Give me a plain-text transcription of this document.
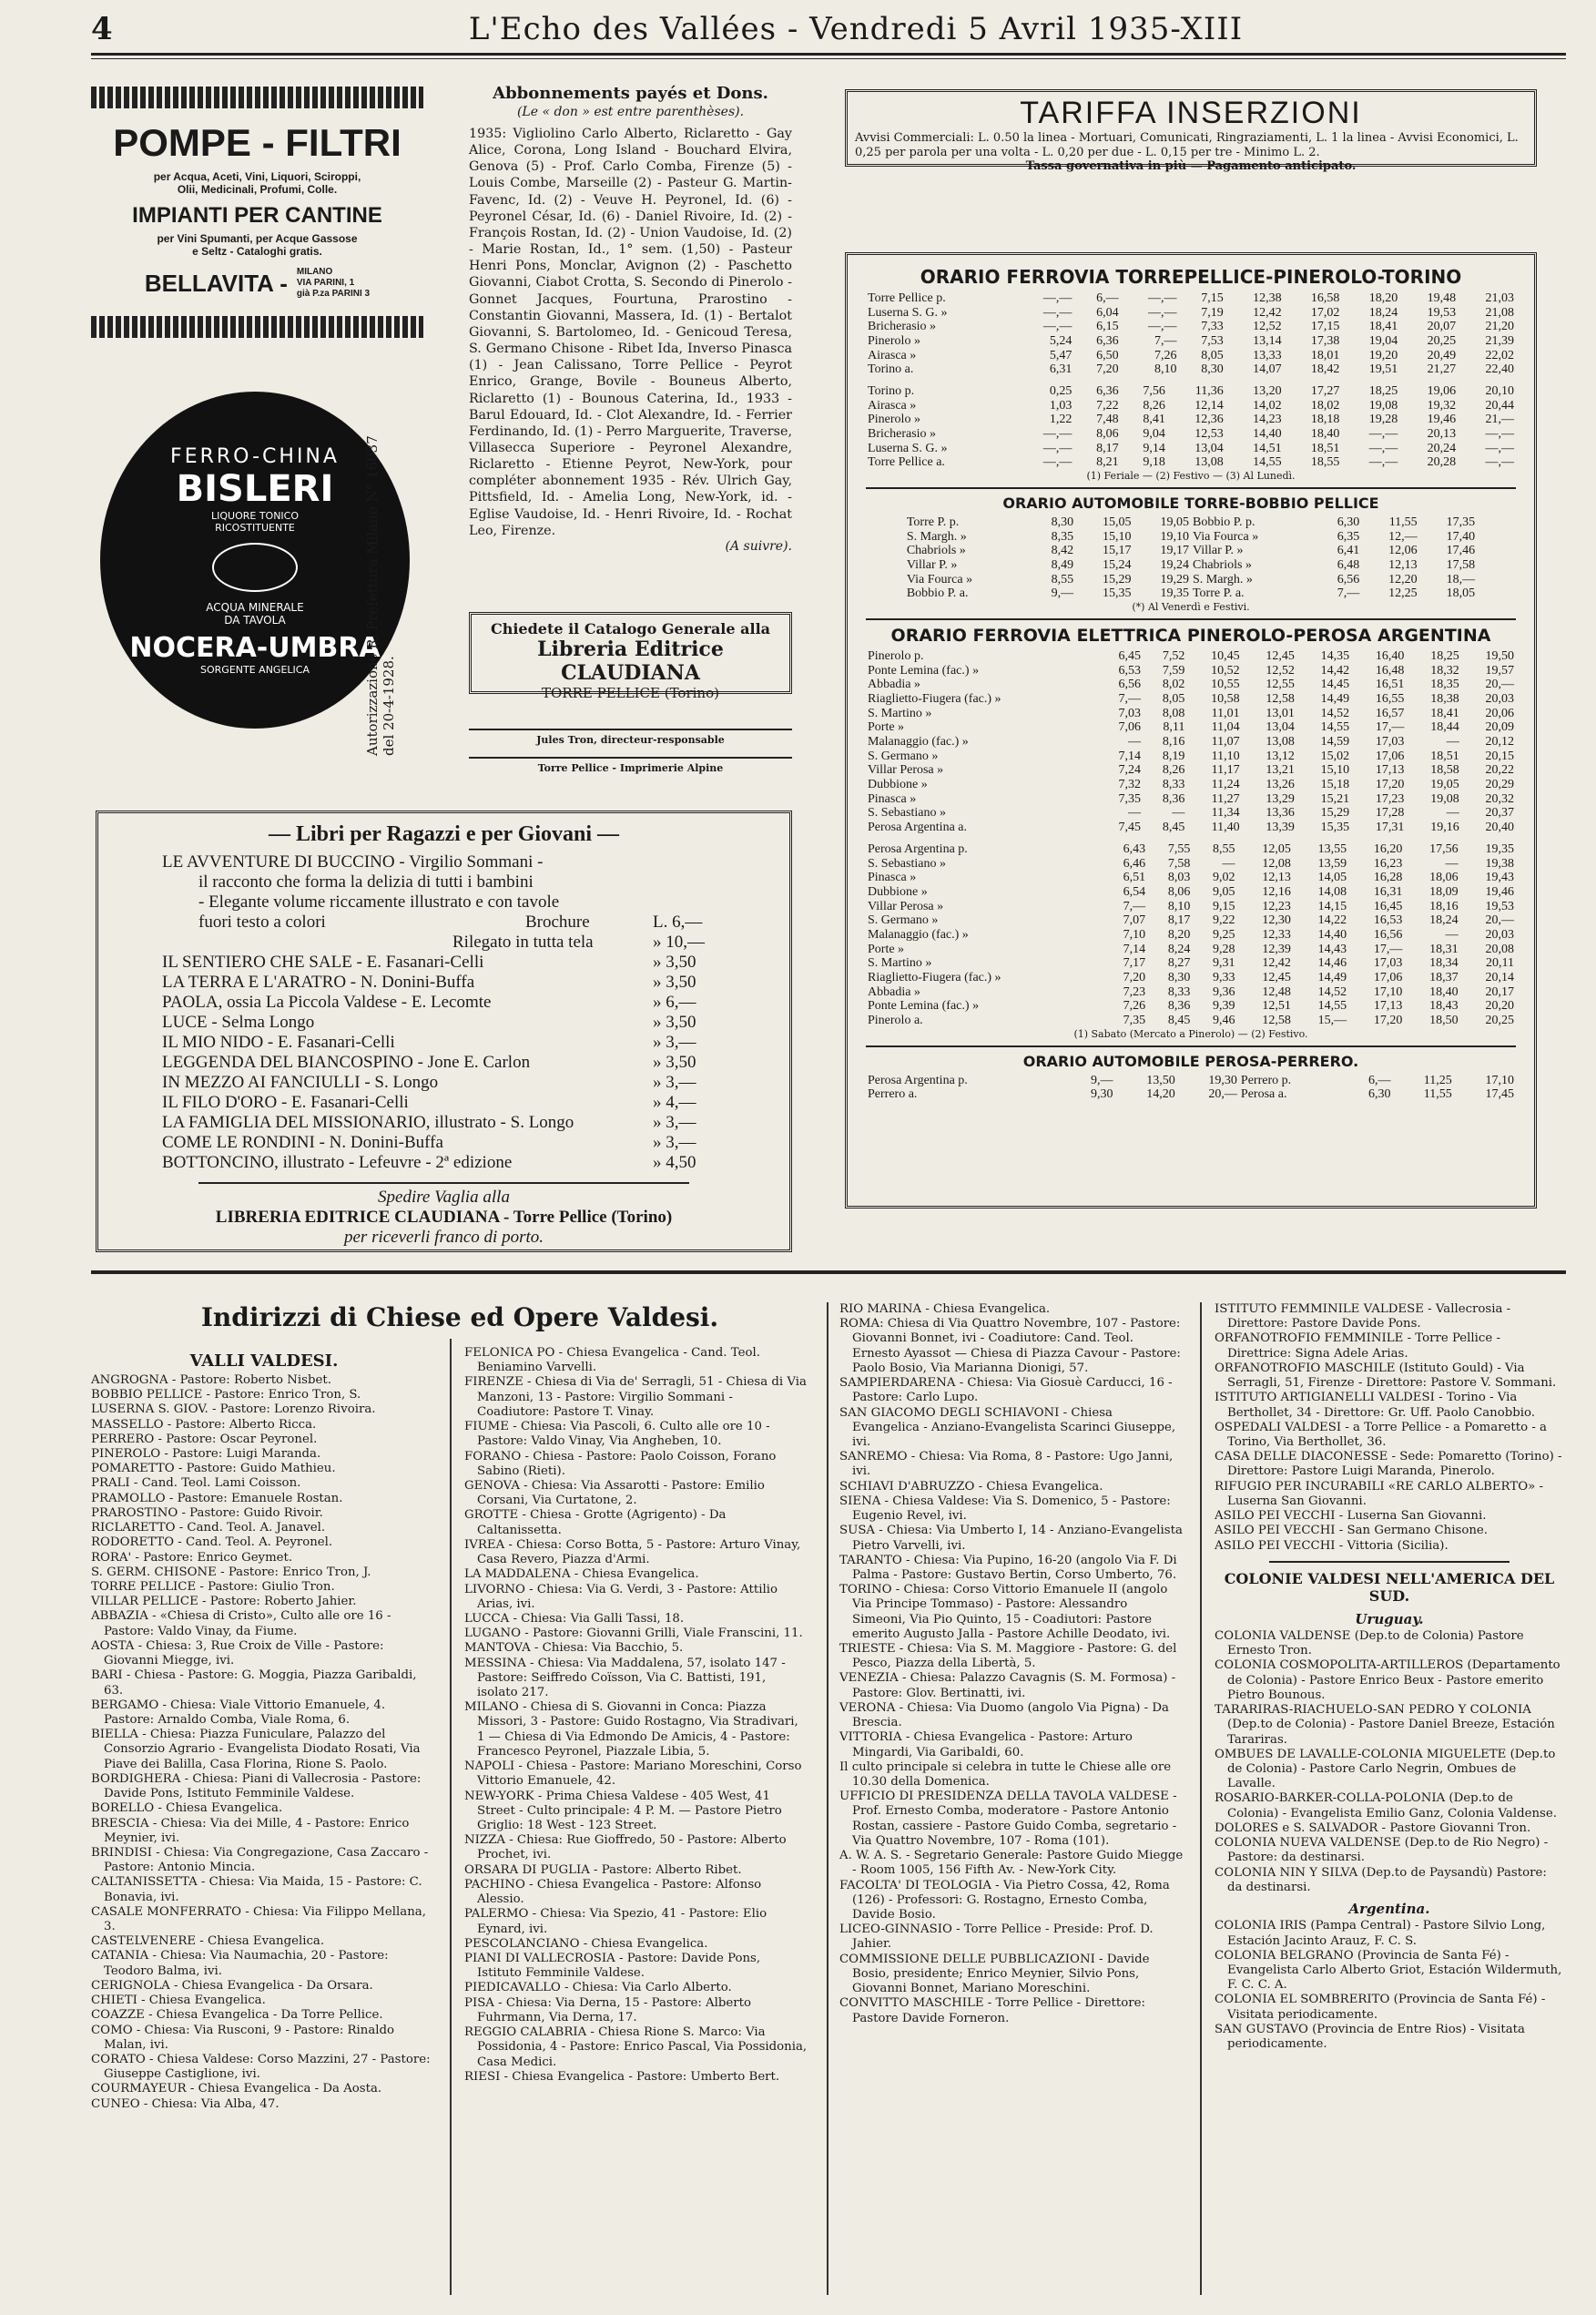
4	L'Echo des Vallées - Vendredi 5 Avril 1935-XIII
POMPE - FILTRI
per Acqua, Aceti, Vini, Liquori, Sciroppi,
Olii, Medicinali, Profumi, Colle.
IMPIANTI PER CANTINE
per Vini Spumanti, per Acque Gassose
e Seltz - Cataloghi gratis.
BELLAVITA - MILANO
VIA PARINI, 1
già P.za PARINI 3
FERRO-CHINA
BISLERI
LIQUORE TONICO
RICOSTITUENTE
ACQUA MINERALE
DA TAVOLA
NOCERA-UMBRA
SORGENTE ANGELICA	Autorizzazione R. Prefettura Milano N° 16037 del 20-4-1928.
Abbonnements payés et Dons.
(Le « don » est entre parenthèses).
1935: Vigliolino Carlo Alberto, Riclaretto - Gay Alice, Corona, Long Island - Bouchard Elvira, Genova (5) - Prof. Carlo Comba, Firenze (5) - Louis Combe, Marseille (2) - Pasteur G. Martin-Favenc, Id. (2) - Veuve H. Peyronel, Id. (6) - Peyronel César, Id. (6) - Daniel Rivoire, Id. (2) - François Rostan, Id. (2) - Union Vaudoise, Id. (2) - Marie Rostan, Id., 1° sem. (1,50) - Pasteur Henri Pons, Monclar, Avignon (2) - Paschetto Giovanni, Ciabot Crotta, S. Secondo di Pinerolo - Gonnet Jacques, Fourtuna, Prarostino - Constantin Giovanni, Massera, Id. (1) - Bertalot Giovanni, S. Bartolomeo, Id. - Genicoud Teresa, S. Germano Chisone - Ribet Ida, Inverso Pinasca (1) - Jean Calissano, Torre Pellice - Peyrot Enrico, Grange, Bovile - Bouneus Alberto, Riclaretto (1) - Bounous Caterina, Id., 1933 - Barul Edouard, Id. - Clot Alexandre, Id. - Ferrier Ferdinando, Id. (1) - Perro Marguerite, Traverse, Villasecca Superiore - Peyronel Alexandre, Riclaretto - Etienne Peyrot, New-York, pour compléter abonnement 1935 - Rév. Ulrich Gay, Pittsfield, Id. - Amelia Long, New-York, id. - Eglise Vaudoise, Id. - Henri Rivoire, Id. - Rochat Leo, Firenze.
(A suivre).
Chiedete il Catalogo Generale alla
Libreria Editrice CLAUDIANA
TORRE PELLICE (Torino)
Jules Tron, directeur-responsable
Torre Pellice - Imprimerie Alpine
TARIFFA INSERZIONI
Avvisi Commerciali: L. 0.50 la linea - Mortuari, Comunicati, Ringraziamenti, L. 1 la linea - Avvisi Economici, L. 0,25 per parola per una volta - L. 0,20 per due - L. 0,15 per tre - Minimo L. 2.
Tassa governativa in più — Pagamento anticipato.
ORARIO FERROVIA TORREPELLICE-PINEROLO-TORINO
Torre Pellice p.	—,—	6,—	—,—	7,15	12,38	16,58	18,20	19,48	21,03
Luserna S. G. »	—,—	6,04	—,—	7,19	12,42	17,02	18,24	19,53	21,08
Bricherasio »	—,—	6,15	—,—	7,33	12,52	17,15	18,41	20,07	21,20
Pinerolo »	5,24	6,36	7,—	7,53	13,14	17,38	19,04	20,25	21,39
Airasca »	5,47	6,50	7,26	8,05	13,33	18,01	19,20	20,49	22,02
Torino a.	6,31	7,20	8,10	8,30	14,07	18,42	19,51	21,27	22,40
Torino p.	0,25	6,36	7,56	11,36	13,20	17,27	18,25	19,06	20,10
Airasca »	1,03	7,22	8,26	12,14	14,02	18,02	19,08	19,32	20,44
Pinerolo »	1,22	7,48	8,41	12,36	14,23	18,18	19,28	19,46	21,—
Bricherasio »	—,—	8,06	9,04	12,53	14,40	18,40	—,—	20,13	—,—
Luserna S. G. »	—,—	8,17	9,14	13,04	14,51	18,51	—,—	20,24	—,—
Torre Pellice a.	—,—	8,21	9,18	13,08	14,55	18,55	—,—	20,28	—,—
(1) Feriale — (2) Festivo — (3) Al Lunedì.
ORARIO AUTOMOBILE TORRE-BOBBIO PELLICE
Torre P. p.	8,30	15,05	19,05	Bobbio P. p.	6,30	11,55	17,35
S. Margh. »	8,35	15,10	19,10	Via Fourca »	6,35	12,—	17,40
Chabriols »	8,42	15,17	19,17	Villar P. »	6,41	12,06	17,46
Villar P. »	8,49	15,24	19,24	Chabriols »	6,48	12,13	17,58
Via Fourca »	8,55	15,29	19,29	S. Margh. »	6,56	12,20	18,—
Bobbio P. a.	9,—	15,35	19,35	Torre P. a.	7,—	12,25	18,05
(*) Al Venerdì e Festivi.
ORARIO FERROVIA ELETTRICA PINEROLO-PEROSA ARGENTINA
Pinerolo p.	6,45	7,52	10,45	12,45	14,35	16,40	18,25	19,50
Ponte Lemina (fac.) »	6,53	7,59	10,52	12,52	14,42	16,48	18,32	19,57
Abbadia »	6,56	8,02	10,55	12,55	14,45	16,51	18,35	20,—
Riaglietto-Fiugera (fac.) »	7,—	8,05	10,58	12,58	14,49	16,55	18,38	20,03
S. Martino »	7,03	8,08	11,01	13,01	14,52	16,57	18,41	20,06
Porte »	7,06	8,11	11,04	13,04	14,55	17,—	18,44	20,09
Malanaggio (fac.) »	—	8,16	11,07	13,08	14,59	17,03	—	20,12
S. Germano »	7,14	8,19	11,10	13,12	15,02	17,06	18,51	20,15
Villar Perosa »	7,24	8,26	11,17	13,21	15,10	17,13	18,58	20,22
Dubbione »	7,32	8,33	11,24	13,26	15,18	17,20	19,05	20,29
Pinasca »	7,35	8,36	11,27	13,29	15,21	17,23	19,08	20,32
S. Sebastiano »	—	—	11,34	13,36	15,29	17,28	—	20,37
Perosa Argentina a.	7,45	8,45	11,40	13,39	15,35	17,31	19,16	20,40
Perosa Argentina p.	6,43	7,55	8,55	12,05	13,55	16,20	17,56	19,35
S. Sebastiano »	6,46	7,58	—	12,08	13,59	16,23	—	19,38
Pinasca »	6,51	8,03	9,02	12,13	14,05	16,28	18,06	19,43
Dubbione »	6,54	8,06	9,05	12,16	14,08	16,31	18,09	19,46
Villar Perosa »	7,—	8,10	9,15	12,23	14,15	16,45	18,16	19,53
S. Germano »	7,07	8,17	9,22	12,30	14,22	16,53	18,24	20,—
Malanaggio (fac.) »	7,10	8,20	9,25	12,33	14,40	16,56	—	20,03
Porte »	7,14	8,24	9,28	12,39	14,43	17,—	18,31	20,08
S. Martino »	7,17	8,27	9,31	12,42	14,46	17,03	18,34	20,11
Riaglietto-Fiugera (fac.) »	7,20	8,30	9,33	12,45	14,49	17,06	18,37	20,14
Abbadia »	7,23	8,33	9,36	12,48	14,52	17,10	18,40	20,17
Ponte Lemina (fac.) »	7,26	8,36	9,39	12,51	14,55	17,13	18,43	20,20
Pinerolo a.	7,35	8,45	9,46	12,58	15,—	17,20	18,50	20,25
(1) Sabato (Mercato a Pinerolo) — (2) Festivo.
ORARIO AUTOMOBILE PEROSA-PERRERO.
Perosa Argentina p.	9,—	13,50	19,30	Perrero p.	6,—	11,25	17,10
Perrero a.	9,30	14,20	20,—	Perosa a.	6,30	11,55	17,45
— Libri per Ragazzi e per Giovani —
LE AVVENTURE DI BUCCINO - Virgilio Sommani -
il racconto che forma la delizia di tutti i bambini
- Elegante volume riccamente illustrato e con tavole
fuori testo a colori	Brochure	L. 6,—
Rilegato in tutta tela	» 10,—
IL SENTIERO CHE SALE - E. Fasanari-Celli	» 3,50
LA TERRA E L'ARATRO - N. Donini-Buffa	» 3,50
PAOLA, ossia La Piccola Valdese - E. Lecomte	» 6,—
LUCE - Selma Longo	» 3,50
IL MIO NIDO - E. Fasanari-Celli	» 3,—
LEGGENDA DEL BIANCOSPINO - Jone E. Carlon	» 3,50
IN MEZZO AI FANCIULLI - S. Longo	» 3,—
IL FILO D'ORO - E. Fasanari-Celli	» 4,—
LA FAMIGLIA DEL MISSIONARIO, illustrato - S. Longo	» 3,—
COME LE RONDINI - N. Donini-Buffa	» 3,—
BOTTONCINO, illustrato - Lefeuvre - 2ª edizione	» 4,50
Spedire Vaglia alla
LIBRERIA EDITRICE CLAUDIANA - Torre Pellice (Torino)
per riceverli franco di porto.
Indirizzi di Chiese ed Opere Valdesi.
VALLI VALDESI.

ANGROGNA - Pastore: Roberto Nisbet.

BOBBIO PELLICE - Pastore: Enrico Tron, S.

LUSERNA S. GIOV. - Pastore: Lorenzo Rivoira.

MASSELLO - Pastore: Alberto Ricca.

PERRERO - Pastore: Oscar Peyronel.

PINEROLO - Pastore: Luigi Maranda.

POMARETTO - Pastore: Guido Mathieu.

PRALI - Cand. Teol. Lami Coisson.

PRAMOLLO - Pastore: Emanuele Rostan.

PRAROSTINO - Pastore: Guido Rivoir.

RICLARETTO - Cand. Teol. A. Janavel.

RODORETTO - Cand. Teol. A. Peyronel.

RORA' - Pastore: Enrico Geymet.

S. GERM. CHISONE - Pastore: Enrico Tron, J.

TORRE PELLICE - Pastore: Giulio Tron.

VILLAR PELLICE - Pastore: Roberto Jahier.

ABBAZIA - «Chiesa di Cristo», Culto alle ore 16 - Pastore: Valdo Vinay, da Fiume.

AOSTA - Chiesa: 3, Rue Croix de Ville - Pastore: Giovanni Miegge, ivi.

BARI - Chiesa - Pastore: G. Moggia, Piazza Garibaldi, 63.

BERGAMO - Chiesa: Viale Vittorio Emanuele, 4. Pastore: Arnaldo Comba, Viale Roma, 6.

BIELLA - Chiesa: Piazza Funiculare, Palazzo del Consorzio Agrario - Evangelista Diodato Rosati, Via Piave dei Balilla, Casa Florina, Rione S. Paolo.

BORDIGHERA - Chiesa: Piani di Vallecrosia - Pastore: Davide Pons, Istituto Femminile Valdese.

BORELLO - Chiesa Evangelica.

BRESCIA - Chiesa: Via dei Mille, 4 - Pastore: Enrico Meynier, ivi.

BRINDISI - Chiesa: Via Congregazione, Casa Zaccaro - Pastore: Antonio Mincia.

CALTANISSETTA - Chiesa: Via Maida, 15 - Pastore: C. Bonavia, ivi.

CASALE MONFERRATO - Chiesa: Via Filippo Mellana, 3.

CASTELVENERE - Chiesa Evangelica.

CATANIA - Chiesa: Via Naumachia, 20 - Pastore: Teodoro Balma, ivi.

CERIGNOLA - Chiesa Evangelica - Da Orsara.

CHIETI - Chiesa Evangelica.

COAZZE - Chiesa Evangelica - Da Torre Pellice.

COMO - Chiesa: Via Rusconi, 9 - Pastore: Rinaldo Malan, ivi.

CORATO - Chiesa Valdese: Corso Mazzini, 27 - Pastore: Giuseppe Castiglione, ivi.

COURMAYEUR - Chiesa Evangelica - Da Aosta.

CUNEO - Chiesa: Via Alba, 47.

FELONICA PO - Chiesa Evangelica - Cand. Teol. Beniamino Varvelli.

FIRENZE - Chiesa di Via de' Serragli, 51 - Chiesa di Via Manzoni, 13 - Pastore: Virgilio Sommani - Coadiutore: Pastore T. Vinay.

FIUME - Chiesa: Via Pascoli, 6. Culto alle ore 10 - Pastore: Valdo Vinay, Via Angheben, 10.

FORANO - Chiesa - Pastore: Paolo Coisson, Forano Sabino (Rieti).

GENOVA - Chiesa: Via Assarotti - Pastore: Emilio Corsani, Via Curtatone, 2.

GROTTE - Chiesa - Grotte (Agrigento) - Da Caltanissetta.

IVREA - Chiesa: Corso Botta, 5 - Pastore: Arturo Vinay, Casa Revero, Piazza d'Armi.

LA MADDALENA - Chiesa Evangelica.

LIVORNO - Chiesa: Via G. Verdi, 3 - Pastore: Attilio Arias, ivi.

LUCCA - Chiesa: Via Galli Tassi, 18.

LUGANO - Pastore: Giovanni Grilli, Viale Franscini, 11.

MANTOVA - Chiesa: Via Bacchio, 5.

MESSINA - Chiesa: Via Maddalena, 57, isolato 147 - Pastore: Seiffredo Coïsson, Via C. Battisti, 191, isolato 217.

MILANO - Chiesa di S. Giovanni in Conca: Piazza Missori, 3 - Pastore: Guido Rostagno, Via Stradivari, 1 — Chiesa di Via Edmondo De Amicis, 4 - Pastore: Francesco Peyronel, Piazzale Libia, 5.

NAPOLI - Chiesa - Pastore: Mariano Moreschini, Corso Vittorio Emanuele, 42.

NEW-YORK - Prima Chiesa Valdese - 405 West, 41 Street - Culto principale: 4 P. M. — Pastore Pietro Griglio: 18 West - 123 Street.

NIZZA - Chiesa: Rue Gioffredo, 50 - Pastore: Alberto Prochet, ivi.

ORSARA DI PUGLIA - Pastore: Alberto Ribet.

PACHINO - Chiesa Evangelica - Pastore: Alfonso Alessio.

PALERMO - Chiesa: Via Spezio, 41 - Pastore: Elio Eynard, ivi.

PESCOLANCIANO - Chiesa Evangelica.

PIANI DI VALLECROSIA - Pastore: Davide Pons, Istituto Femminile Valdese.

PIEDICAVALLO - Chiesa: Via Carlo Alberto.

PISA - Chiesa: Via Derna, 15 - Pastore: Alberto Fuhrmann, Via Derna, 17.

REGGIO CALABRIA - Chiesa Rione S. Marco: Via Possidonia, 4 - Pastore: Enrico Pascal, Via Possidonia, Casa Medici.

RIESI - Chiesa Evangelica - Pastore: Umberto Bert.

RIO MARINA - Chiesa Evangelica.

ROMA: Chiesa di Via Quattro Novembre, 107 - Pastore: Giovanni Bonnet, ivi - Coadiutore: Cand. Teol. Ernesto Ayassot — Chiesa di Piazza Cavour - Pastore: Paolo Bosio, Via Marianna Dionigi, 57.

SAMPIERDARENA - Chiesa: Via Giosuè Carducci, 16 - Pastore: Carlo Lupo.

SAN GIACOMO DEGLI SCHIAVONI - Chiesa Evangelica - Anziano-Evangelista Scarinci Giuseppe, ivi.

SANREMO - Chiesa: Via Roma, 8 - Pastore: Ugo Janni, ivi.

SCHIAVI D'ABRUZZO - Chiesa Evangelica.

SIENA - Chiesa Valdese: Via S. Domenico, 5 - Pastore: Eugenio Revel, ivi.

SUSA - Chiesa: Via Umberto I, 14 - Anziano-Evangelista Pietro Varvelli, ivi.

TARANTO - Chiesa: Via Pupino, 16-20 (angolo Via F. Di Palma - Pastore: Gustavo Bertin, Corso Umberto, 76.

TORINO - Chiesa: Corso Vittorio Emanuele II (angolo Via Principe Tommaso) - Pastore: Alessandro Simeoni, Via Pio Quinto, 15 - Coadiutori: Pastore emerito Augusto Jalla - Pastore Achille Deodato, ivi.

TRIESTE - Chiesa: Via S. M. Maggiore - Pastore: G. del Pesco, Piazza della Libertà, 5.

VENEZIA - Chiesa: Palazzo Cavagnis (S. M. Formosa) - Pastore: Glov. Bertinatti, ivi.

VERONA - Chiesa: Via Duomo (angolo Via Pigna) - Da Brescia.

VITTORIA - Chiesa Evangelica - Pastore: Arturo Mingardi, Via Garibaldi, 60.

Il culto principale si celebra in tutte le Chiese alle ore 10.30 della Domenica.

UFFICIO DI PRESIDENZA DELLA TAVOLA VALDESE - Prof. Ernesto Comba, moderatore - Pastore Antonio Rostan, cassiere - Pastore Guido Comba, segretario - Via Quattro Novembre, 107 - Roma (101).

A. W. A. S. - Segretario Generale: Pastore Guido Miegge - Room 1005, 156 Fifth Av. - New-York City.

FACOLTA' DI TEOLOGIA - Via Pietro Cossa, 42, Roma (126) - Professori: G. Rostagno, Ernesto Comba, Davide Bosio.

LICEO-GINNASIO - Torre Pellice - Preside: Prof. D. Jahier.

COMMISSIONE DELLE PUBBLICAZIONI - Davide Bosio, presidente; Enrico Meynier, Silvio Pons, Giovanni Bonnet, Mariano Moreschini.

CONVITTO MASCHILE - Torre Pellice - Direttore: Pastore Davide Forneron.

ISTITUTO FEMMINILE VALDESE - Vallecrosia - Direttore: Pastore Davide Pons.

ORFANOTROFIO FEMMINILE - Torre Pellice - Direttrice: Signa Adele Arias.

ORFANOTROFIO MASCHILE (Istituto Gould) - Via Serragli, 51, Firenze - Direttore: Pastore V. Sommani.

ISTITUTO ARTIGIANELLI VALDESI - Torino - Via Berthollet, 34 - Direttore: Gr. Uff. Paolo Canobbio.

OSPEDALI VALDESI - a Torre Pellice - a Pomaretto - a Torino, Via Berthollet, 36.

CASA DELLE DIACONESSE - Sede: Pomaretto (Torino) - Direttore: Pastore Luigi Maranda, Pinerolo.

RIFUGIO PER INCURABILI «RE CARLO ALBERTO» - Luserna San Giovanni.

ASILO PEI VECCHI - Luserna San Giovanni.

ASILO PEI VECCHI - San Germano Chisone.

ASILO PEI VECCHI - Vittoria (Sicilia).

COLONIE VALDESI NELL'AMERICA DEL SUD.
Uruguay.

COLONIA VALDENSE (Dep.to de Colonia) Pastore Ernesto Tron.

COLONIA COSMOPOLITA-ARTILLEROS (Departamento de Colonia) - Pastore Enrico Beux - Pastore emerito Pietro Bounous.

TARARIRAS-RIACHUELO-SAN PEDRO Y COLONIA (Dep.to de Colonia) - Pastore Daniel Breeze, Estación Tarariras.

OMBUES DE LAVALLE-COLONIA MIGUELETE (Dep.to de Colonia) - Pastore Carlo Negrin, Ombues de Lavalle.

ROSARIO-BARKER-COLLA-POLONIA (Dep.to de Colonia) - Evangelista Emilio Ganz, Colonia Valdense.

DOLORES e S. SALVADOR - Pastore Giovanni Tron.

COLONIA NUEVA VALDENSE (Dep.to de Rio Negro) - Pastore: da destinarsi.

COLONIA NIN Y SILVA (Dep.to de Paysandù) Pastore: da destinarsi.

Argentina.

COLONIA IRIS (Pampa Central) - Pastore Silvio Long, Estación Jacinto Arauz, F. C. S.

COLONIA BELGRANO (Provincia de Santa Fé) - Evangelista Carlo Alberto Griot, Estación Wildermuth, F. C. C. A.

COLONIA EL SOMBRERITO (Provincia de Santa Fé) - Visitata periodicamente.

SAN GUSTAVO (Provincia de Entre Rios) - Visitata periodicamente.
